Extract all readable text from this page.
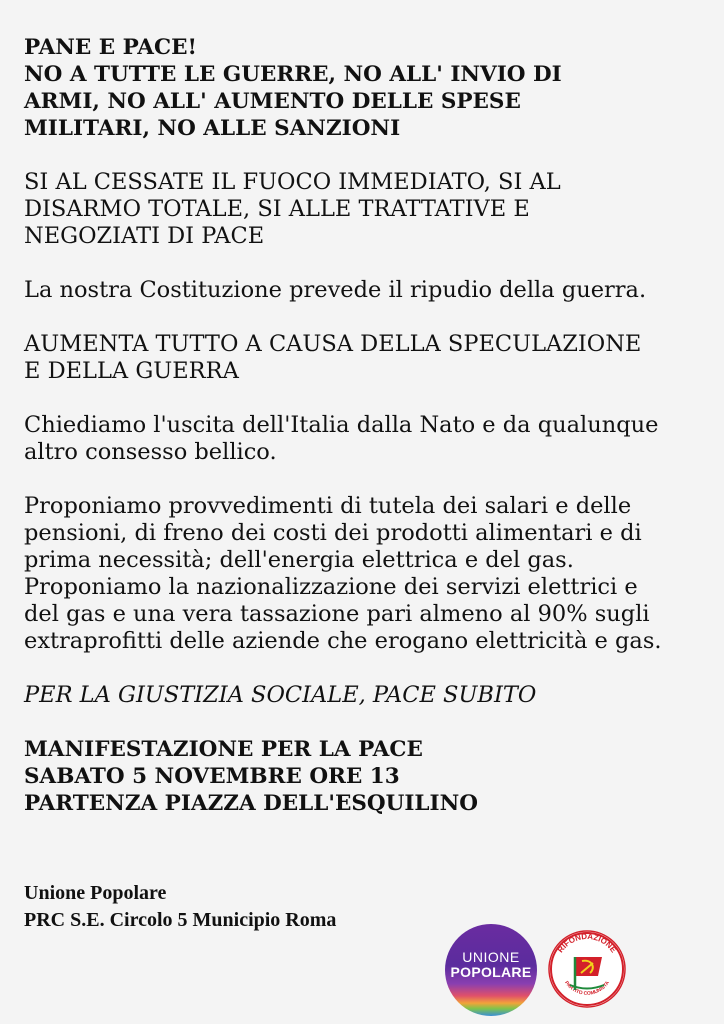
PANE E PACE!
NO A TUTTE LE GUERRE, NO ALL' INVIO DI
ARMI, NO ALL' AUMENTO DELLE SPESE
MILITARI, NO ALLE SANZIONI
SI AL CESSATE IL FUOCO IMMEDIATO, SI AL
DISARMO TOTALE, SI ALLE TRATTATIVE E
NEGOZIATI DI PACE
La nostra Costituzione prevede il ripudio della guerra.
AUMENTA TUTTO A CAUSA DELLA SPECULAZIONE
E DELLA GUERRA
Chiediamo l'uscita dell'Italia dalla Nato e da qualunque
altro consesso bellico.
Proponiamo provvedimenti di tutela dei salari e delle
pensioni, di freno dei costi dei prodotti alimentari e di
prima necessità; dell'energia elettrica e del gas.
Proponiamo la nazionalizzazione dei servizi elettrici e
del gas e una vera tassazione pari almeno al 90% sugli
extraprofitti delle aziende che erogano elettricità e gas.
PER LA GIUSTIZIA SOCIALE, PACE SUBITO
MANIFESTAZIONE PER LA PACE
SABATO 5 NOVEMBRE ORE 13
PARTENZA PIAZZA DELL'ESQUILINO
Unione Popolare
PRC S.E. Circolo 5 Municipio Roma
UNIONE
POPOLARE
RIFONDAZIONE
PARTITO COMUNISTA
